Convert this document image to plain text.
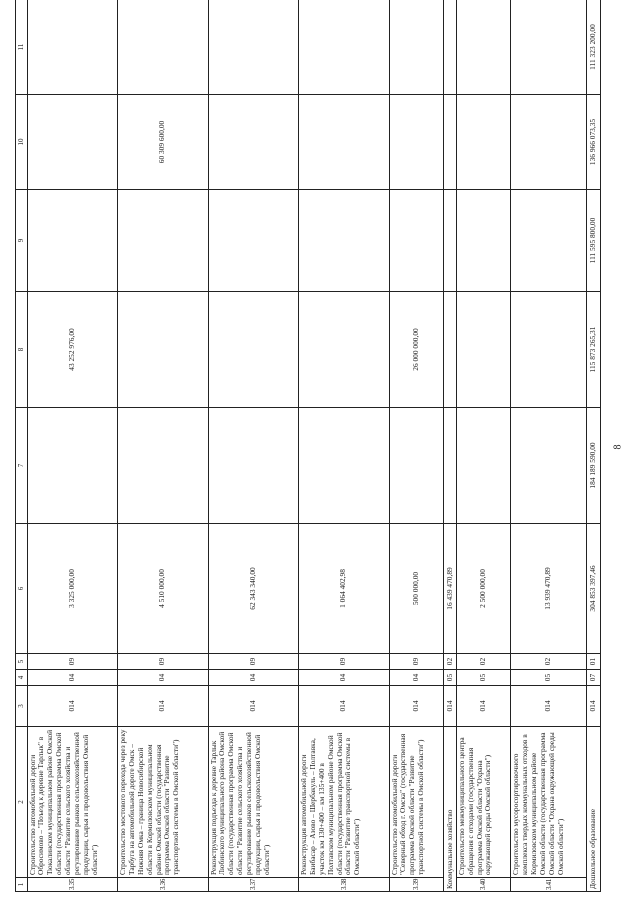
8
1	2	3	4	5	6	7	8	9	10	11
3.35	Строительство автомобильной дороги Обросимово – "Поъезд к деревне Тарлык" в Тюкалинском муниципальном районе Омской области (государственная программа Омской области "Развитие сельского хозяйства и регулирование рынков сельскохозяйственной продукции, сырья и продовольствия Омской области")	014	04	09	3 325 000,00		43 252 976,00			
3.36	Строительство мостового перехода через реку Тарбуга на автомобильной дороге Омск – Нижняя Омка – граница Новосибирской области в Кормиловском муниципальном районе Омской области (государственная программа Омской области "Развитие транспортной системы в Омской области")	014	04	09	4 510 000,00				60 309 600,00	
3.37	Реконструкция подъезда к деревне Тарлык Любинского муниципального района Омской области (государственная программа Омской области "Развитие сельского хозяйства и регулирование рынков сельскохозяйственной продукции, сырья и продовольствия Омской области")	014	04	09	62 343 340,00					
3.38	Реконструкция автомобильной дороги Баибасар – Азово – Шербакуль – Полтавка, участок км 130+400 – км 135+400 в Полтавском муниципальном районе Омской области (государственная программа Омской области "Развитие транспортной системы в Омской области")	014	04	09	1 064 402,98					
3.39	Строительство автомобильной дороги "Северный обход г. Омска" (государственная программа Омской области "Развитие транспортной системы в Омской области")	014	04	09	500 000,00		26 000 000,00			
Коммунальное хозяйство		014	05	02	16 439 470,89					
3.40	Строительство межмуниципального центра обращения с отходами (государственная программа Омской области "Охрана окружающей среды Омской области")	014	05	02	2 500 000,00					
3.41	Строительство мусоросортировочного комплекса твердых коммунальных отходов в Кормиловском муниципальном районе Омской области (государственная программа Омской области "Охрана окружающей среды Омской области")	014	05	02	13 939 470,89					
Дошкольное образование		014	07	01	304 853 397,46	184 189 590,00	115 873 265,31	111 595 800,00	136 966 073,35	111 323 200,00
